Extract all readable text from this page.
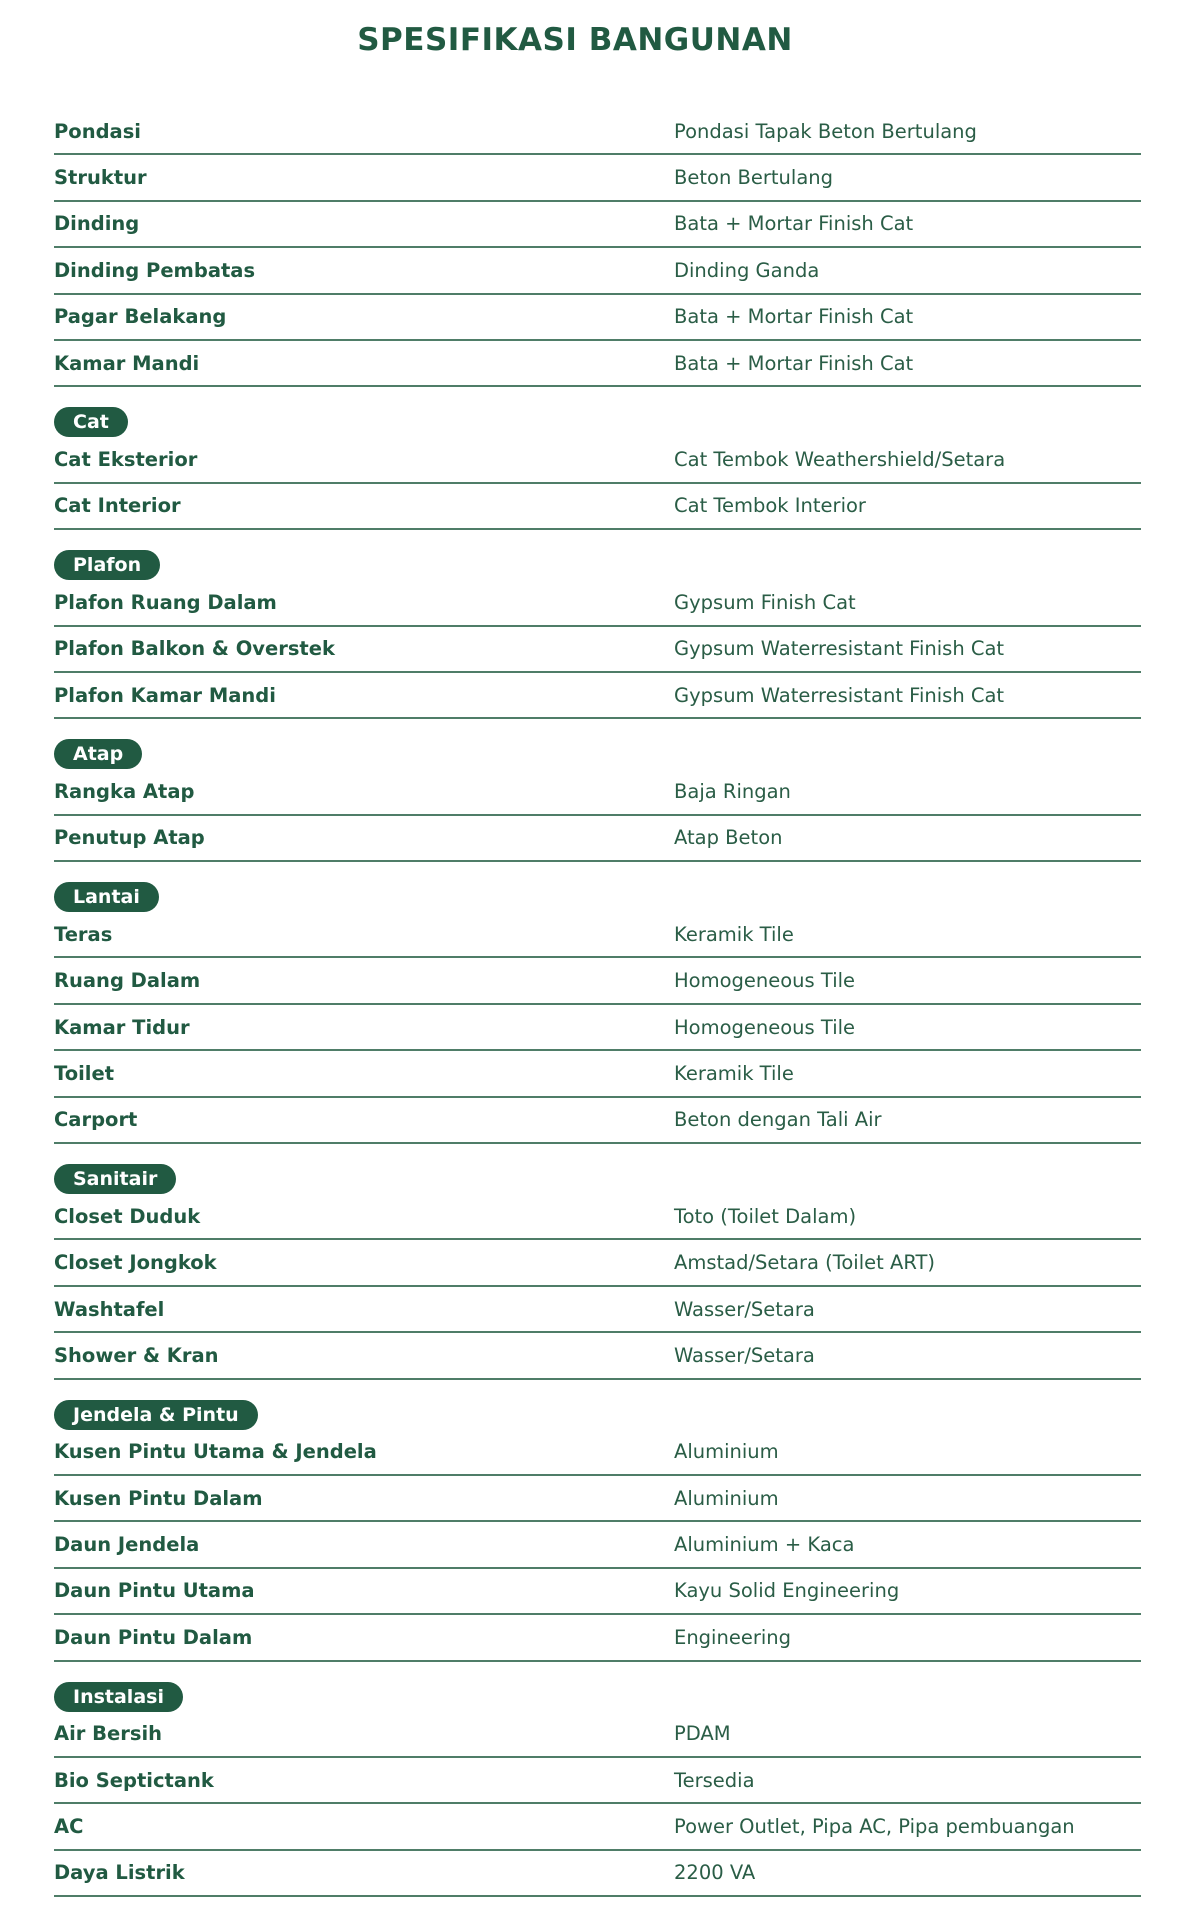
SPESIFIKASI BANGUNAN
Pondasi	Pondasi Tapak Beton Bertulang
Struktur	Beton Bertulang
Dinding	Bata + Mortar Finish Cat
Dinding Pembatas	Dinding Ganda
Pagar Belakang	Bata + Mortar Finish Cat
Kamar Mandi	Bata + Mortar Finish Cat
Cat
Cat Eksterior	Cat Tembok Weathershield/Setara
Cat Interior	Cat Tembok Interior
Plafon
Plafon Ruang Dalam	Gypsum Finish Cat
Plafon Balkon & Overstek	Gypsum Waterresistant Finish Cat
Plafon Kamar Mandi	Gypsum Waterresistant Finish Cat
Atap
Rangka Atap	Baja Ringan
Penutup Atap	Atap Beton
Lantai
Teras	Keramik Tile
Ruang Dalam	Homogeneous Tile
Kamar Tidur	Homogeneous Tile
Toilet	Keramik Tile
Carport	Beton dengan Tali Air
Sanitair
Closet Duduk	Toto (Toilet Dalam)
Closet Jongkok	Amstad/Setara (Toilet ART)
Washtafel	Wasser/Setara
Shower & Kran	Wasser/Setara
Jendela & Pintu
Kusen Pintu Utama & Jendela	Aluminium
Kusen Pintu Dalam	Aluminium
Daun Jendela	Aluminium + Kaca
Daun Pintu Utama	Kayu Solid Engineering
Daun Pintu Dalam	Engineering
Instalasi
Air Bersih	PDAM
Bio Septictank	Tersedia
AC	Power Outlet, Pipa AC, Pipa pembuangan
Daya Listrik	2200 VA
